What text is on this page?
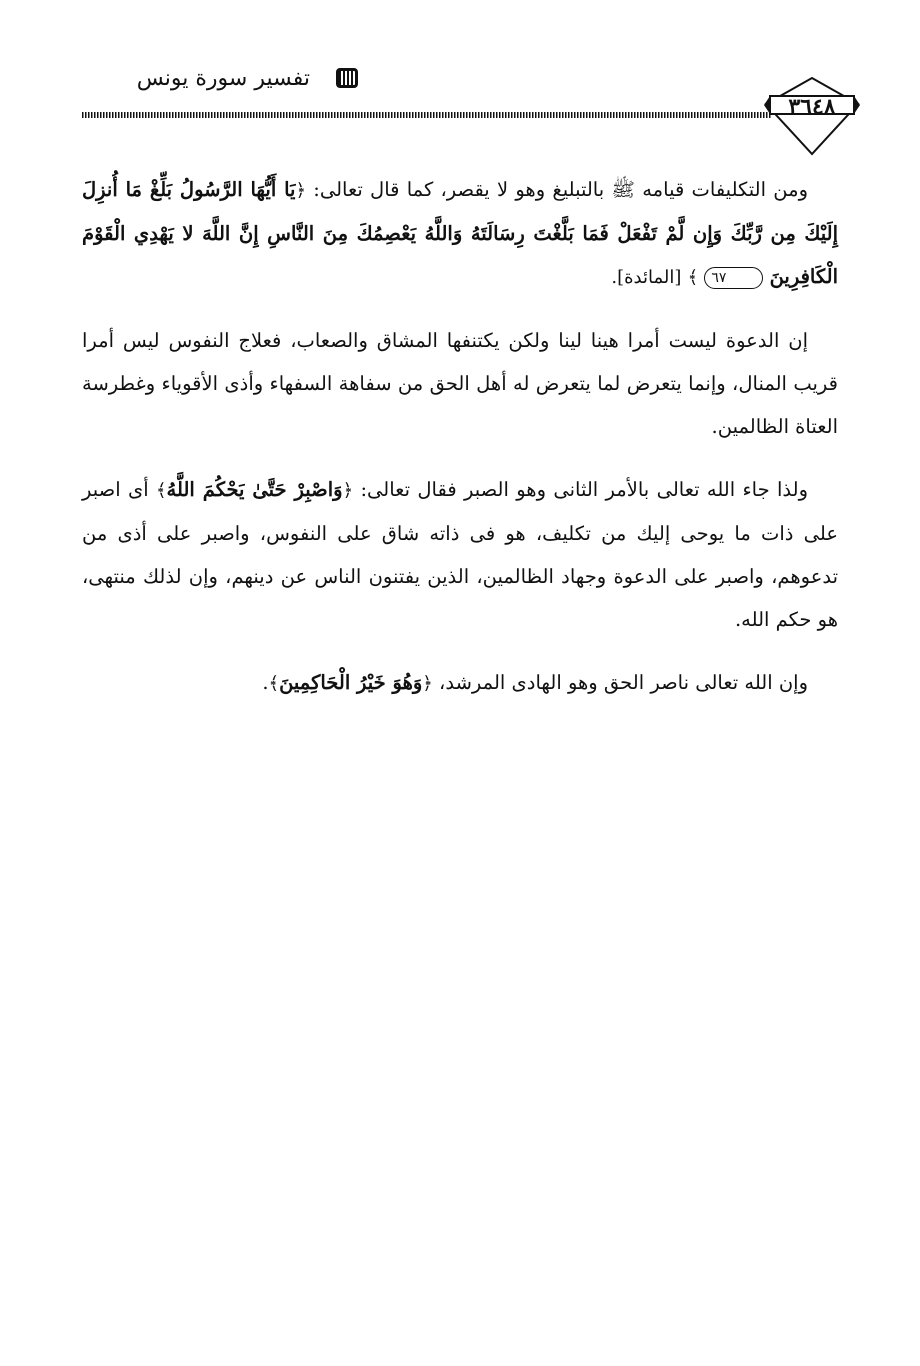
تفسير سورة يونس
٣٦٤٨

ومن التكليفات قيامه ﷺ بالتبليغ وهو لا يقصر، كما قال تعالى: ﴿يَا أَيُّهَا الرَّسُولُ بَلِّغْ مَا أُنزِلَ إِلَيْكَ مِن رَّبِّكَ وَإِن لَّمْ تَفْعَلْ فَمَا بَلَّغْتَ رِسَالَتَهُ وَاللَّهُ يَعْصِمُكَ مِنَ النَّاسِ إِنَّ اللَّهَ لا يَهْدِي الْقَوْمَ الْكَافِرِينَ ٦٧ ﴾ [المائدة].

إن الدعوة ليست أمرا هينا لينا ولكن يكتنفها المشاق والصعاب، فعلاج النفوس ليس أمرا قريب المنال، وإنما يتعرض لما يتعرض له أهل الحق من سفاهة السفهاء وأذى الأقوياء وغطرسة العتاة الظالمين.

ولذا جاء الله تعالى بالأمر الثانى وهو الصبر فقال تعالى: ﴿وَاصْبِرْ حَتَّىٰ يَحْكُمَ اللَّهُ﴾ أى اصبر على ذات ما يوحى إليك من تكليف، هو فى ذاته شاق على النفوس، واصبر على أذى من تدعوهم، واصبر على الدعوة وجهاد الظالمين، الذين يفتنون الناس عن دينهم، وإن لذلك منتهى، هو حكم الله.

وإن الله تعالى ناصر الحق وهو الهادى المرشد، ﴿وَهُوَ خَيْرُ الْحَاكِمِينَ﴾.
